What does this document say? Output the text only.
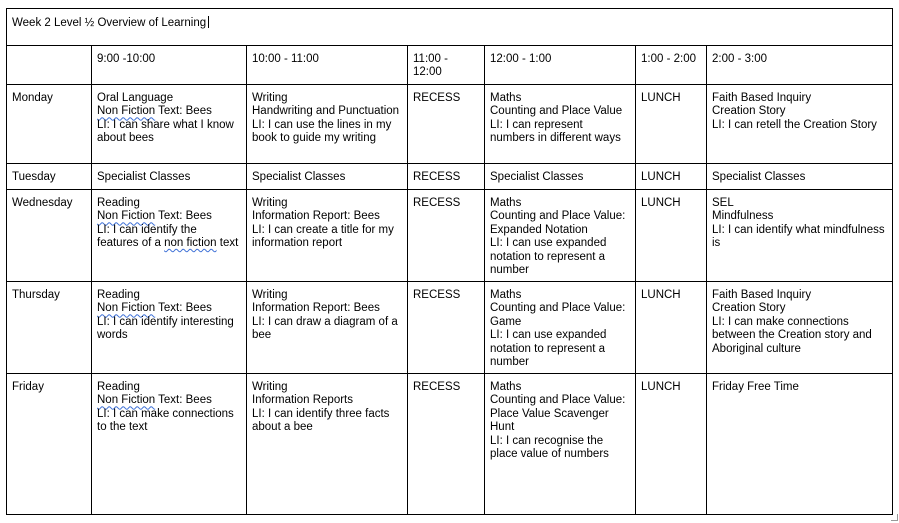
Week 2 Level ½ Overview of Learning						
	9:00 -10:00	10:00 - 11:00	11:00 - 12:00	12:00 - 1:00	1:00 - 2:00	2:00 - 3:00
Monday	Oral Language
Non Fiction Text: Bees
LI: I can share what I know about bees	Writing
Handwriting and Punctuation
LI: I can use the lines in my book to guide my writing	RECESS	Maths
Counting and Place Value
LI: I can represent numbers in different ways	LUNCH	Faith Based Inquiry
Creation Story
LI: I can retell the Creation Story

Tuesday	Specialist Classes	Specialist Classes	RECESS	Specialist Classes	LUNCH	Specialist Classes

Wednesday	Reading
Non Fiction Text: Bees
LI: I can identify the features of a non fiction text	Writing
Information Report: Bees
LI: I can create a title for my information report	RECESS	Maths
Counting and Place Value:
Expanded Notation
LI: I can use expanded notation to represent a number	LUNCH	SEL
Mindfulness
LI: I can identify what mindfulness is

Thursday	Reading
Non Fiction Text: Bees
LI: I can identify interesting words	Writing
Information Report: Bees
LI: I can draw a diagram of a bee	RECESS	Maths
Counting and Place Value:
Game
LI: I can use expanded notation to represent a number	LUNCH	Faith Based Inquiry
Creation Story
LI: I can make connections between the Creation story and Aboriginal culture

Friday	Reading
Non Fiction Text: Bees
LI: I can make connections to the text	Writing
Information Reports
LI: I can identify three facts about a bee	RECESS	Maths
Counting and Place Value:
Place Value Scavenger Hunt
LI: I can recognise the place value of numbers	LUNCH	Friday Free Time
